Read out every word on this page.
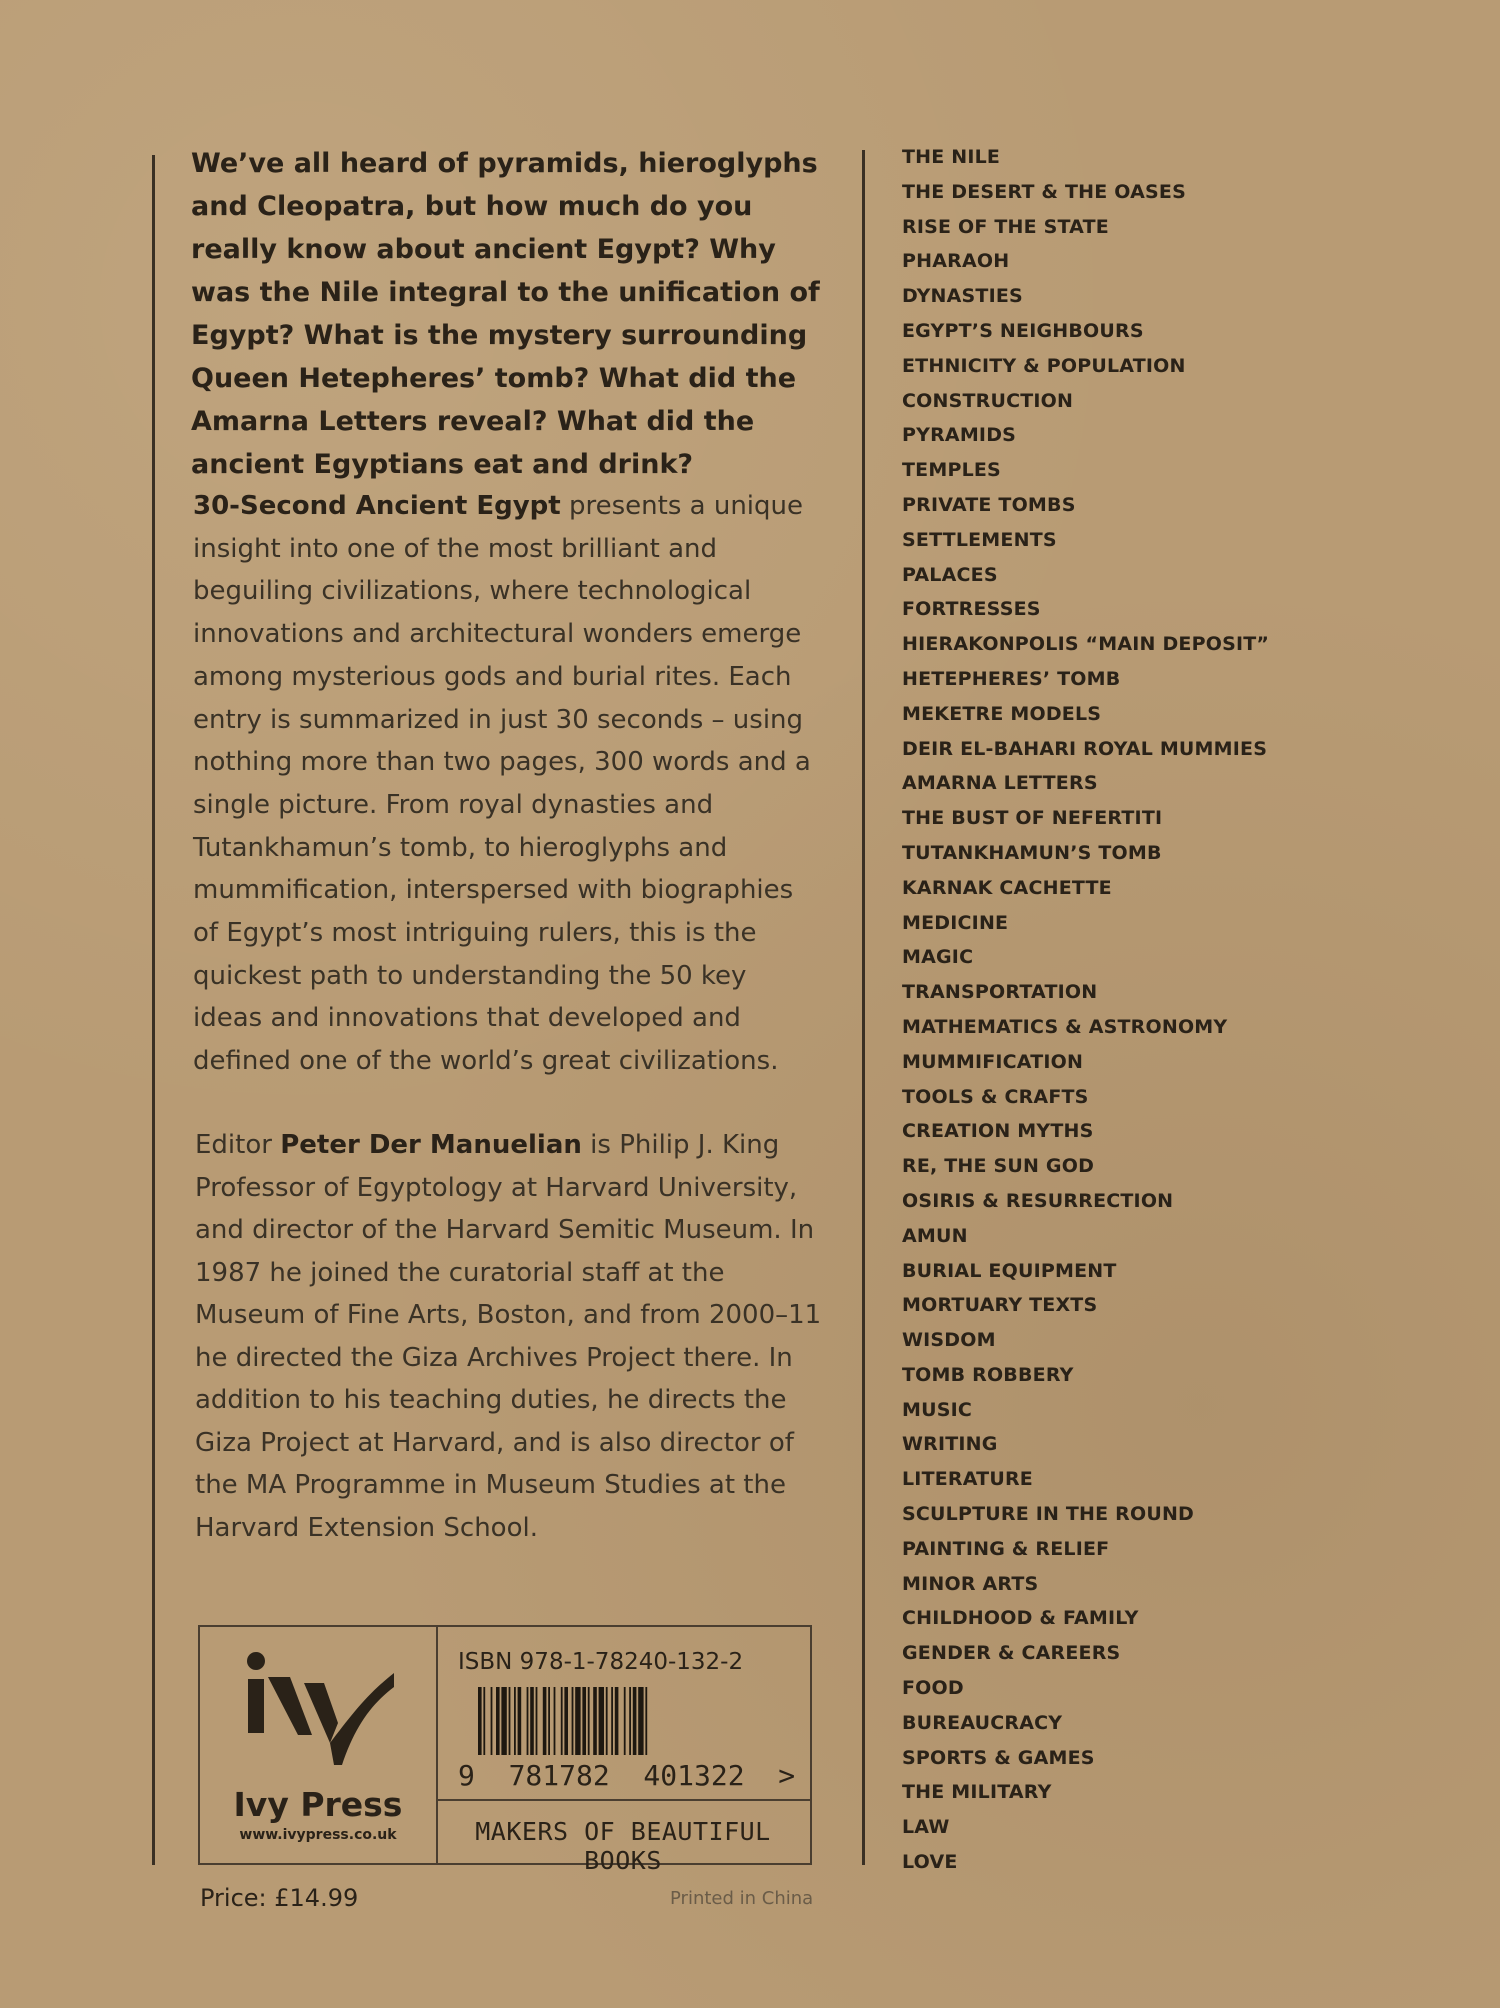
We’ve all heard of pyramids, hieroglyphs and Cleopatra, but how much do you really know about ancient Egypt? Why was the Nile integral to the unification of Egypt? What is the mystery surrounding Queen Hetepheres’ tomb? What did the Amarna Letters reveal? What did the ancient Egyptians eat and drink?

30-Second Ancient Egypt presents a unique insight into one of the most brilliant and beguiling civilizations, where technological innovations and architectural wonders emerge among mysterious gods and burial rites. Each entry is summarized in just 30 seconds – using nothing more than two pages, 300 words and a single picture. From royal dynasties and Tutankhamun’s tomb, to hieroglyphs and mummification, interspersed with biographies of Egypt’s most intriguing rulers, this is the quickest path to understanding the 50 key ideas and innovations that developed and defined one of the world’s great civilizations.

Editor Peter Der Manuelian is Philip J. King Professor of Egyptology at Harvard University, and director of the Harvard Semitic Museum. In 1987 he joined the curatorial staff at the Museum of Fine Arts, Boston, and from 2000–11 he directed the Giza Archives Project there. In addition to his teaching duties, he directs the Giza Project at Harvard, and is also director of the MA Programme in Museum Studies at the Harvard Extension School.

THE NILE
THE DESERT & THE OASES
RISE OF THE STATE
PHARAOH
DYNASTIES
EGYPT’S NEIGHBOURS
ETHNICITY & POPULATION
CONSTRUCTION
PYRAMIDS
TEMPLES
PRIVATE TOMBS
SETTLEMENTS
PALACES
FORTRESSES
HIERAKONPOLIS “MAIN DEPOSIT”
HETEPHERES’ TOMB
MEKETRE MODELS
DEIR EL-BAHARI ROYAL MUMMIES
AMARNA LETTERS
THE BUST OF NEFERTITI
TUTANKHAMUN’S TOMB
KARNAK CACHETTE
MEDICINE
MAGIC
TRANSPORTATION
MATHEMATICS & ASTRONOMY
MUMMIFICATION
TOOLS & CRAFTS
CREATION MYTHS
RE, THE SUN GOD
OSIRIS & RESURRECTION
AMUN
BURIAL EQUIPMENT
MORTUARY TEXTS
WISDOM
TOMB ROBBERY
MUSIC
WRITING
LITERATURE
SCULPTURE IN THE ROUND
PAINTING & RELIEF
MINOR ARTS
CHILDHOOD & FAMILY
GENDER & CAREERS
FOOD
BUREAUCRACY
SPORTS & GAMES
THE MILITARY
LAW
LOVE
Ivy Press
www.ivypress.co.uk
ISBN 978-1-78240-132-2
9  781782  401322  >
MAKERS OF BEAUTIFUL BOOKS
Price: £14.99	Printed in China
